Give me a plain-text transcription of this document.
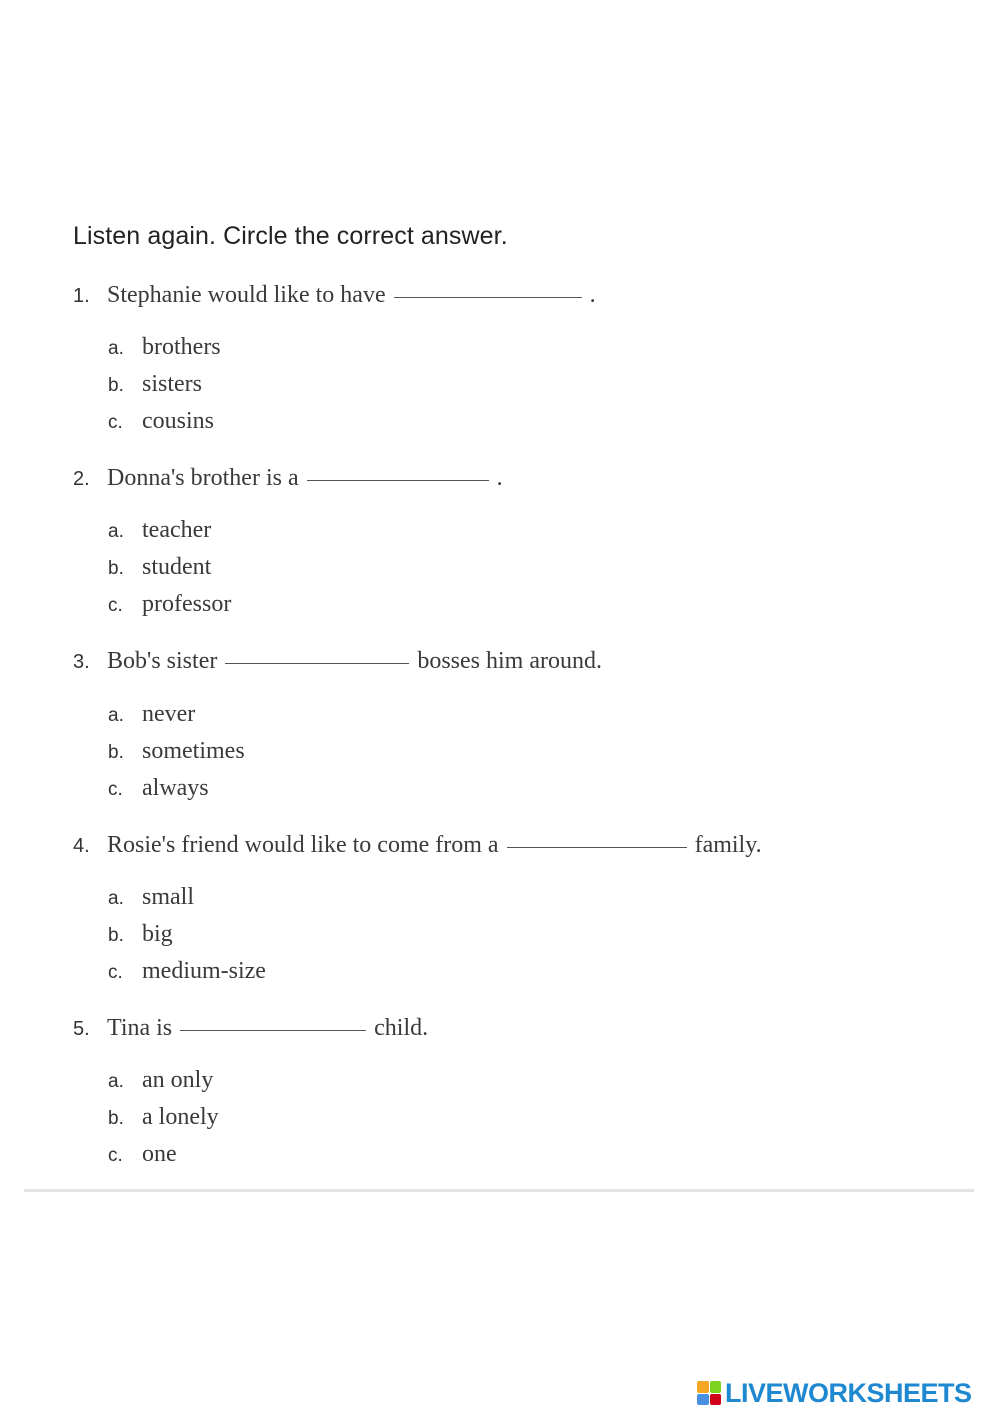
Listen again. Circle the correct answer.
1. Stephanie would like to have	.
a. brothers
b. sisters
c. cousins
2. Donna's brother is a	.
a. teacher
b. student
c. professor
3. Bob's sister	bosses him around.
a. never
b. sometimes
c. always
4. Rosie's friend would like to come from a	family.
a. small
b. big
c. medium-size
5. Tina is	child.
a. an only
b. a lonely
c. one
LIVEWORKSHEETS
